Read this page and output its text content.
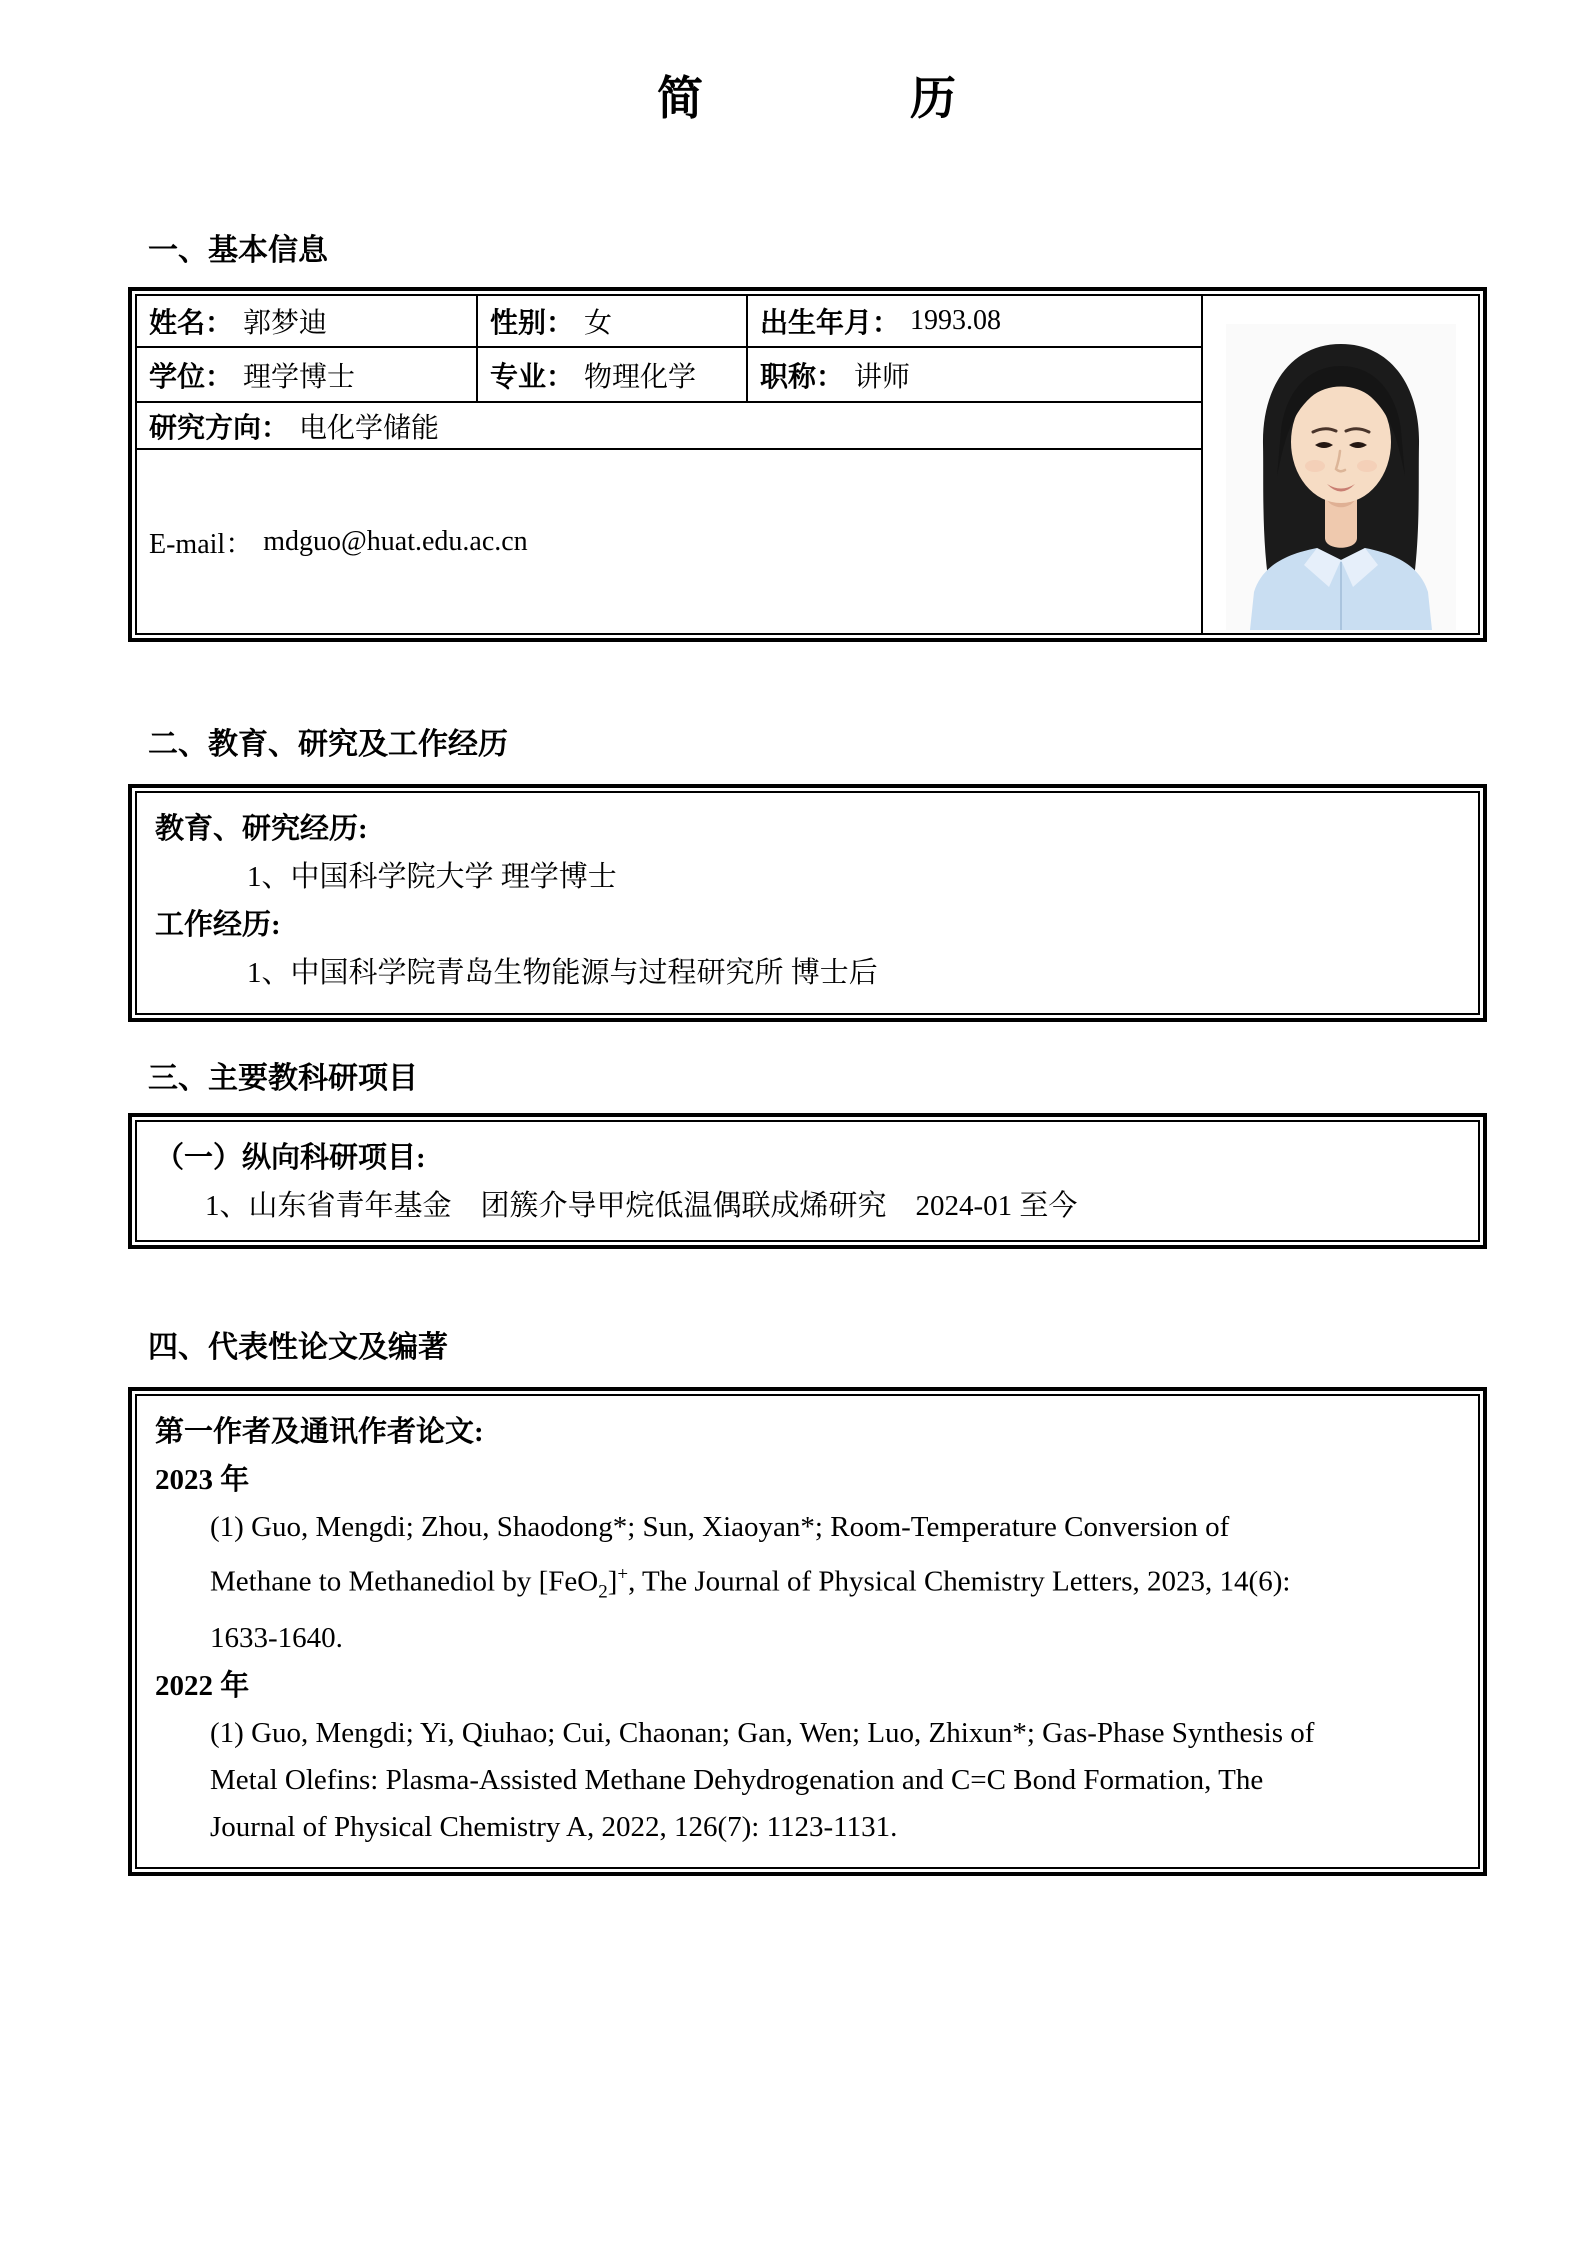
简	历
一、基本信息
姓名： 郭梦迪	性别： 女	出生年月： 1993.08
学位： 理学博士	专业： 物理化学 职称： 讲师
研究方向： 电化学储能
E-mail： mdguo@huat.edu.ac.cn
二、教育、研究及工作经历
教育、研究经历:
1、中国科学院大学 理学博士
工作经历:
1、中国科学院青岛生物能源与过程研究所 博士后
三、主要教科研项目
（一）纵向科研项目:
1、山东省青年基金　团簇介导甲烷低温偶联成烯研究　2024-01 至今
四、代表性论文及编著
第一作者及通讯作者论文:
2023 年
(1) Guo, Mengdi; Zhou, Shaodong*; Sun, Xiaoyan*; Room-Temperature Conversion of Methane to Methanediol by [FeO$_2$]+, The Journal of Physical Chemistry Letters, 2023, 14(6): 1633-1640.
2022 年
(1) Guo, Mengdi; Yi, Qiuhao; Cui, Chaonan; Gan, Wen; Luo, Zhixun*; Gas-Phase Synthesis of Metal Olefins: Plasma-Assisted Methane Dehydrogenation and C=C Bond Formation, The Journal of Physical Chemistry A, 2022, 126(7): 1123-1131.
